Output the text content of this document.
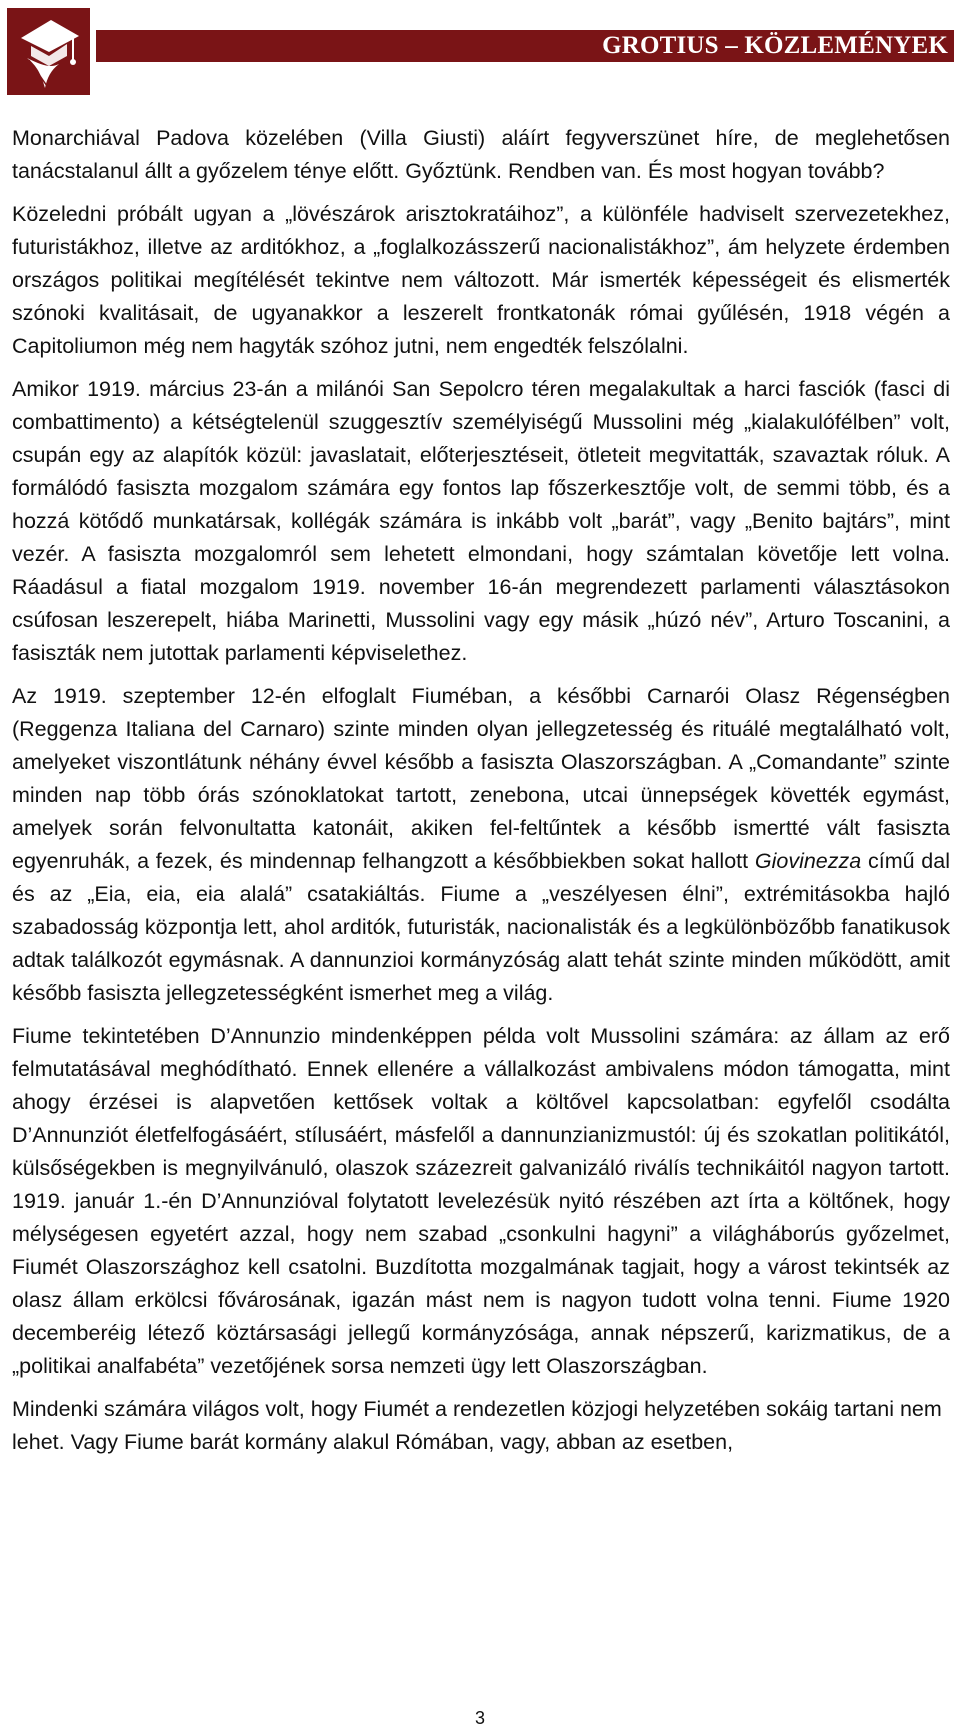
GROTIUS – KÖZLEMÉNYEK

Monarchiával Padova közelében (Villa Giusti) aláírt fegyverszünet híre, de meglehetősen tanácstalanul állt a győzelem ténye előtt. Győztünk. Rendben van. És most hogyan tovább?

Közeledni próbált ugyan a „lövészárok arisztokratáihoz”, a különféle hadviselt szervezetekhez, futuristákhoz, illetve az arditókhoz, a „foglalkozásszerű nacionalistákhoz”, ám helyzete érdemben országos politikai megítélését tekintve nem változott. Már ismerték képességeit és elismerték szónoki kvalitásait, de ugyanakkor a leszerelt frontkatonák római gyűlésén, 1918 végén a Capitoliumon még nem hagyták szóhoz jutni, nem engedték felszólalni.

Amikor 1919. március 23-án a milánói San Sepolcro téren megalakultak a harci fasciók (fasci di combattimento) a kétségtelenül szuggesztív személyiségű Mussolini még „kialakulófélben” volt, csupán egy az alapítók közül: javaslatait, előterjesztéseit, ötleteit megvitatták, szavaztak róluk. A formálódó fasiszta mozgalom számára egy fontos lap főszerkesztője volt, de semmi több, és a hozzá kötődő munkatársak, kollégák számára is inkább volt „barát”, vagy „Benito bajtárs”, mint vezér. A fasiszta mozgalomról sem lehetett elmondani, hogy számtalan követője lett volna. Ráadásul a fiatal mozgalom 1919. november 16-án megrendezett parlamenti választásokon csúfosan leszerepelt, hiába Marinetti, Mussolini vagy egy másik „húzó név”, Arturo Toscanini, a fasiszták nem jutottak parlamenti képviselethez.

Az 1919. szeptember 12-én elfoglalt Fiuméban, a későbbi Carnarói Olasz Régenségben (Reggenza Italiana del Carnaro) szinte minden olyan jellegzetesség és rituálé megtalálható volt, amelyeket viszontlátunk néhány évvel később a fasiszta Olaszországban. A „Comandante” szinte minden nap több órás szónoklatokat tartott, zenebona, utcai ünnepségek követték egymást, amelyek során felvonultatta katonáit, akiken fel-feltűntek a később ismertté vált fasiszta egyenruhák, a fezek, és mindennap felhangzott a későbbiekben sokat hallott Giovinezza című dal és az „Eia, eia, eia alalá” csatakiáltás. Fiume a „veszélyesen élni”, extrémitásokba hajló szabadosság központja lett, ahol arditók, futuristák, nacionalisták és a legkülönbözőbb fanatikusok adtak találkozót egymásnak. A dannunzioi kormányzóság alatt tehát szinte minden működött, amit később fasiszta jellegzetességként ismerhet meg a világ.

Fiume tekintetében D’Annunzio mindenképpen példa volt Mussolini számára: az állam az erő felmutatásával meghódítható. Ennek ellenére a vállalkozást ambivalens módon támogatta, mint ahogy érzései is alapvetően kettősek voltak a költővel kapcsolatban: egyfelől csodálta D’Annunziót életfelfogásáért, stílusáért, másfelől a dannunzianizmustól: új és szokatlan politikától, külsőségekben is megnyilvánuló, olaszok százezreit galvanizáló riválís technikáitól nagyon tartott. 1919. január 1.-én D’Annunzióval folytatott levelezésük nyitó részében azt írta a költőnek, hogy mélységesen egyetért azzal, hogy nem szabad „csonkulni hagyni” a világháborús győzelmet, Fiumét Olaszországhoz kell csatolni. Buzdította mozgalmának tagjait, hogy a várost tekintsék az olasz állam erkölcsi fővárosának, igazán mást nem is nagyon tudott volna tenni. Fiume 1920 decemberéig létező köztársasági jellegű kormányzósága, annak népszerű, karizmatikus, de a „politikai analfabéta” vezetőjének sorsa nemzeti ügy lett Olaszországban.

Mindenki számára világos volt, hogy Fiumét a rendezetlen közjogi helyzetében sokáig tartani nem lehet. Vagy Fiume barát kormány alakul Rómában, vagy, abban az esetben,

3
